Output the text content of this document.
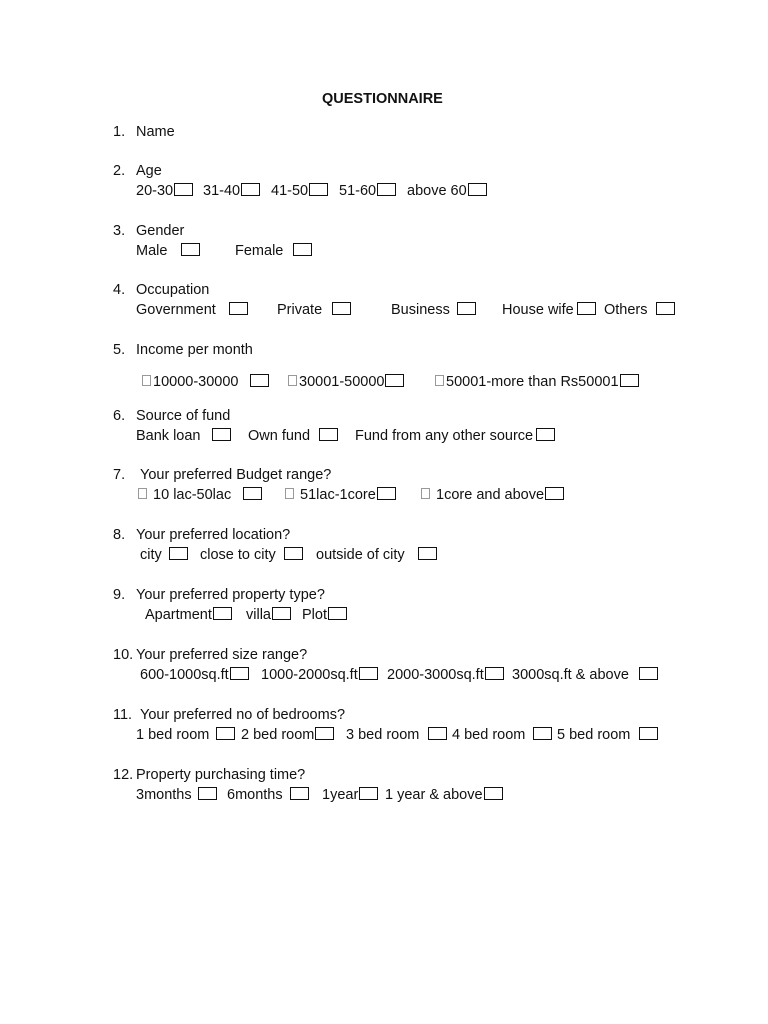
QUESTIONNAIRE
1. Name
2. Age
20-30	31-40	41-50	51-60	above 60
3. Gender
Male	Female
4. Occupation
Government	Private	Business	House wife	Others
5. Income per month
10000-30000	30001-50000	50001-more than Rs50001
6. Source of fund
Bank loan	Own fund	Fund from any other source
7. Your preferred Budget range?
10 lac-50lac	51lac-1core	1core and above
8. Your preferred location?
city	close to city	outside of city
9. Your preferred property type?
Apartment	villa	Plot
10. Your preferred size range?
600-1000sq.ft	1000-2000sq.ft	2000-3000sq.ft	3000sq.ft & above
11. Your preferred no of bedrooms?
1 bed room 2 bed room	3 bed room 4 bed room 5 bed room
12. Property purchasing time?
3months 6months	1year	1 year & above
